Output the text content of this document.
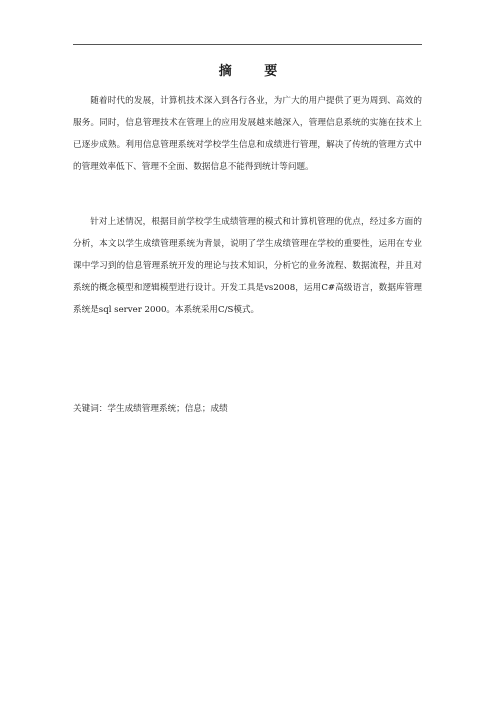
摘 要

随着时代的发展，计算机技术深入到各行各业，为广大的用户提供了更为周到、高效的服务。同时，信息管理技术在管理上的应用发展越来越深入，管理信息系统的实施在技术上已逐步成熟。利用信息管理系统对学校学生信息和成绩进行管理，解决了传统的管理方式中的管理效率低下、管理不全面、数据信息不能得到统计等问题。

针对上述情况，根据目前学校学生成绩管理的模式和计算机管理的优点，经过多方面的分析，本文以学生成绩管理系统为背景，说明了学生成绩管理在学校的重要性，运用在专业课中学习到的信息管理系统开发的理论与技术知识，分析它的业务流程、数据流程，并且对系统的概念模型和逻辑模型进行设计。开发工具是vs2008，运用C#高级语言，数据库管理系统是sql server 2000。本系统采用C/S模式。

关键词：学生成绩管理系统；信息；成绩
